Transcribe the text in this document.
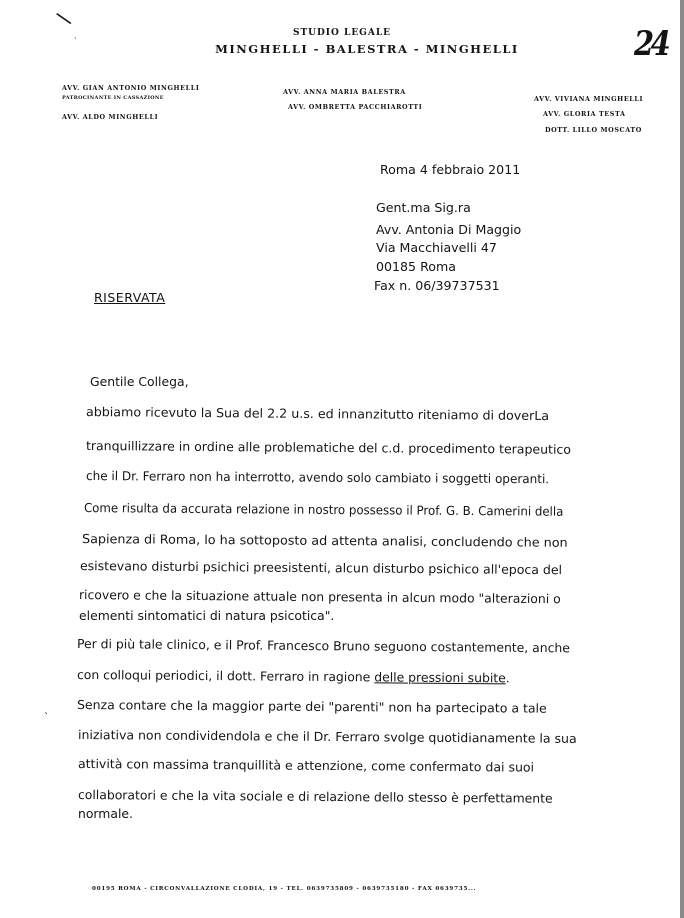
\
·
`
STUDIO LEGALE
MINGHELLI - BALESTRA - MINGHELLI	24
AVV. GIAN ANTONIO MINGHELLI
PATROCINANTE IN CASSAZIONE
AVV. ALDO MINGHELLI
AVV. ANNA MARIA BALESTRA
AVV. OMBRETTA PACCHIAROTTI
AVV. VIVIANA MINGHELLI
AVV. GLORIA TESTA
DOTT. LILLO MOSCATO
Roma 4 febbraio 2011
Gent.ma Sig.ra
Avv. Antonia Di Maggio
Via Macchiavelli 47
00185 Roma
Fax n. 06/39737531
RISERVATA
Gentile Collega,
abbiamo ricevuto la Sua del 2.2 u.s. ed innanzitutto riteniamo di doverLa
tranquillizzare in ordine alle problematiche del c.d. procedimento terapeutico
che il Dr. Ferraro non ha interrotto, avendo solo cambiato i soggetti operanti.
Come risulta da accurata relazione in nostro possesso il Prof. G. B. Camerini della
Sapienza di Roma, lo ha sottoposto ad attenta analisi, concludendo che non
esistevano disturbi psichici preesistenti, alcun disturbo psichico all'epoca del
ricovero e che la situazione attuale non presenta in alcun modo "alterazioni o
elementi sintomatici di natura psicotica".
Per di più tale clinico, e il Prof. Francesco Bruno seguono costantemente, anche
con colloqui periodici, il dott. Ferraro in ragione delle pressioni subite.
Senza contare che la maggior parte dei "parenti" non ha partecipato a tale
iniziativa non condividendola e che il Dr. Ferraro svolge quotidianamente la sua
attività con massima tranquillità e attenzione, come confermato dai suoi
collaboratori e che la vita sociale e di relazione dello stesso è perfettamente
normale.
00195 ROMA - CIRCONVALLAZIONE CLODIA, 19 - TEL. 0639735809 - 0639735180 - FAX 0639735...
